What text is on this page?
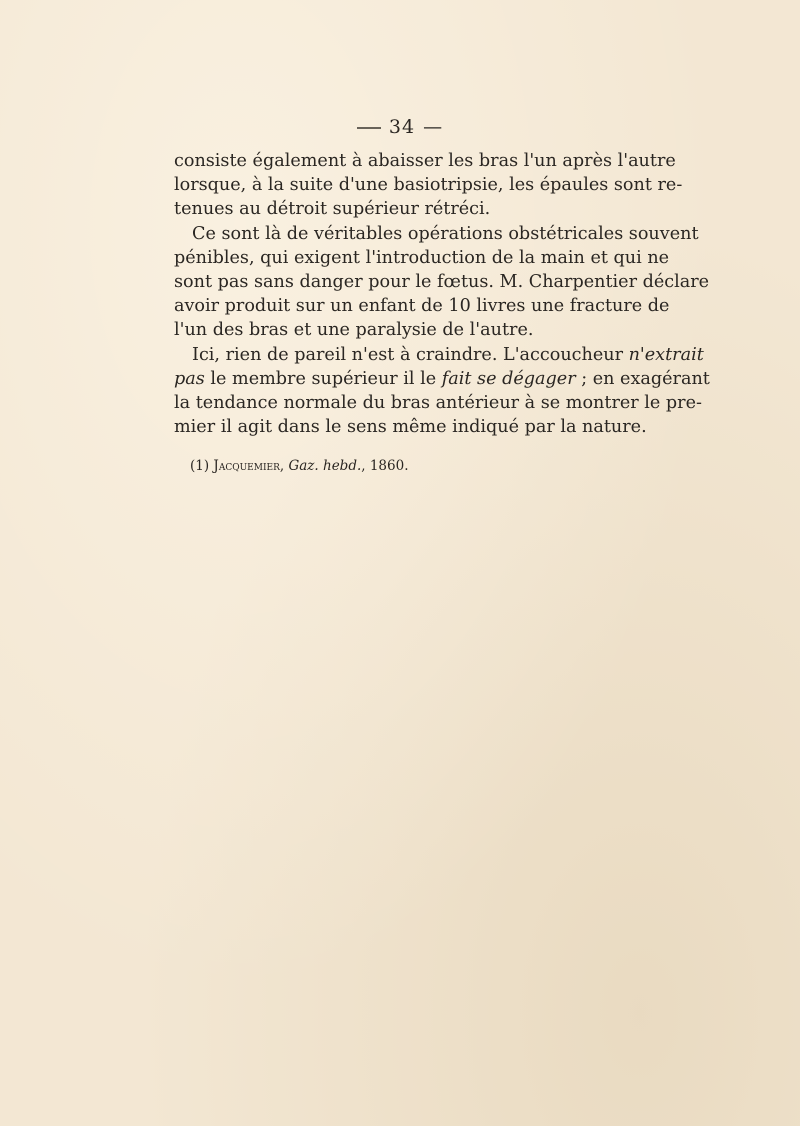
34 —
consiste également à abaisser les bras l'un après l'autre
lorsque, à la suite d'une basiotripsie, les épaules sont re-
tenues au détroit supérieur rétréci.
Ce sont là de véritables opérations obstétricales souvent
pénibles, qui exigent l'introduction de la main et qui ne
sont pas sans danger pour le fœtus. M. Charpentier déclare
avoir produit sur un enfant de 10 livres une fracture de
l'un des bras et une paralysie de l'autre.
Ici, rien de pareil n'est à craindre. L'accoucheur n'extrait
pas le membre supérieur il le fait se dégager ; en exagérant
la tendance normale du bras antérieur à se montrer le pre-
mier il agit dans le sens même indiqué par la nature.
(1) Jacquemier, Gaz. hebd., 1860.
